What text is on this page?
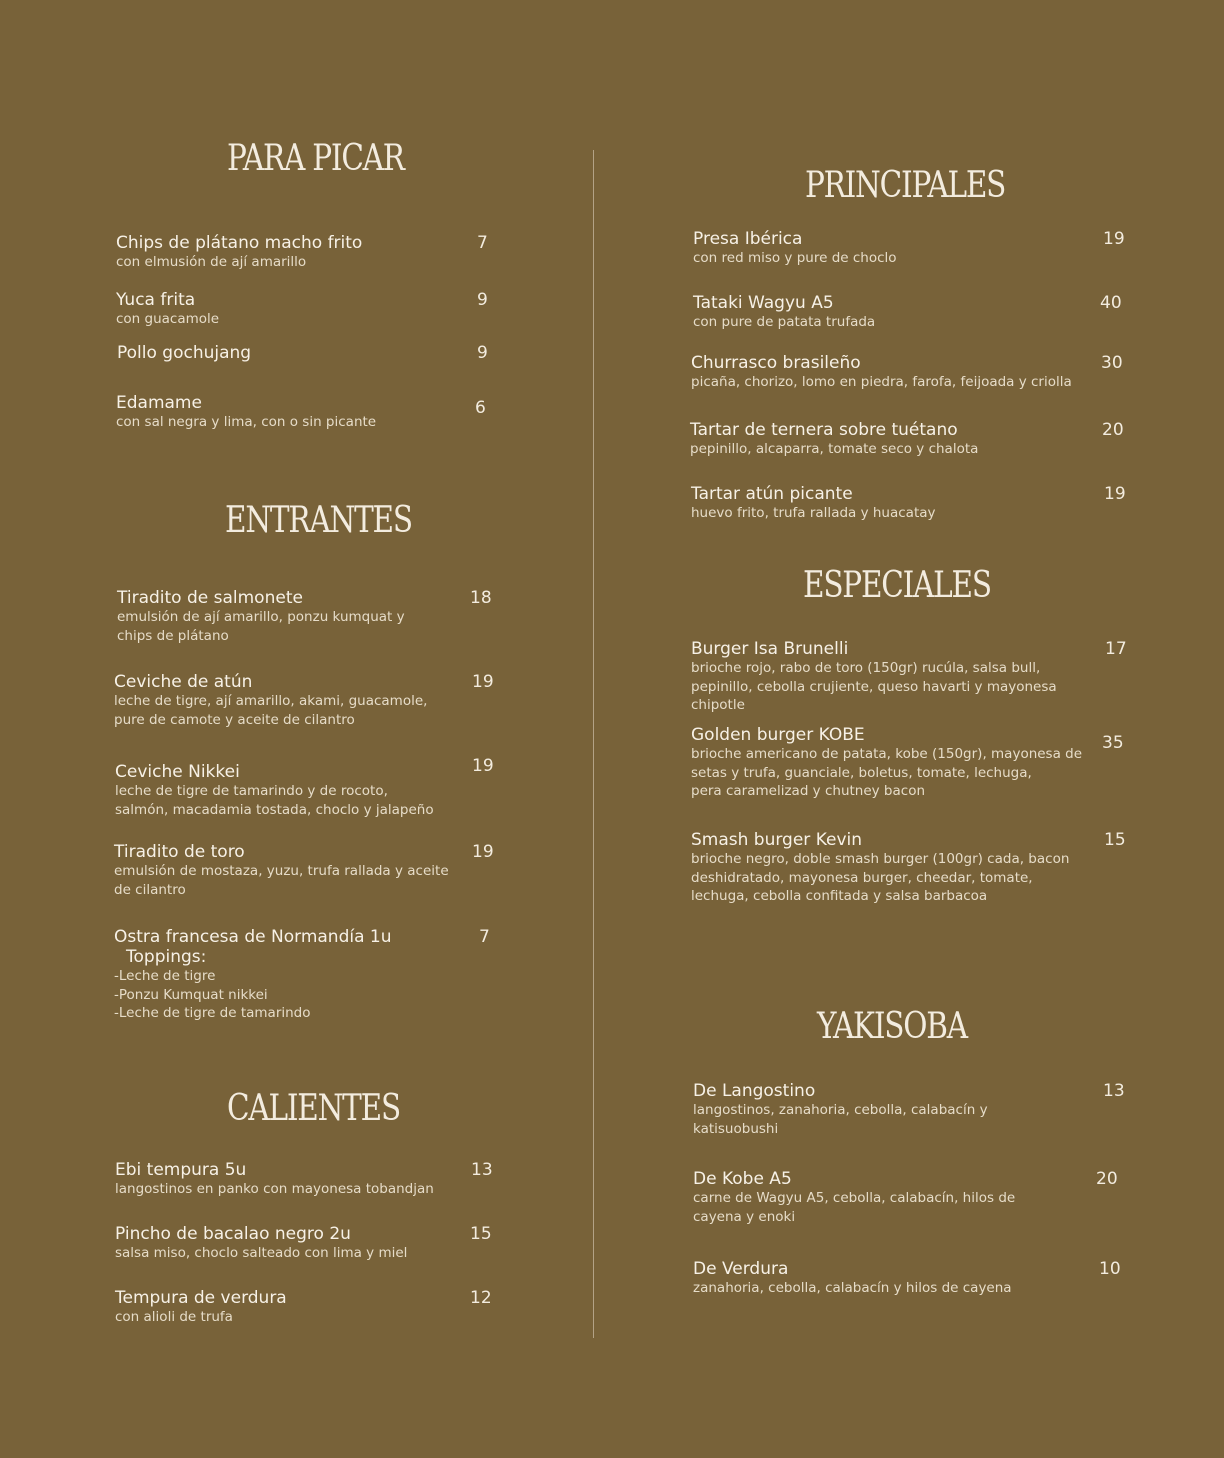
PARA PICAR
Chips de plátano macho frito
con elmusión de ají amarillo
7
Yuca frita
con guacamole
9
Pollo gochujang	9
Edamame
con sal negra y lima, con o sin picante
6
ENTRANTES
Tiradito de salmonete
emulsión de ají amarillo, ponzu kumquat y
chips de plátano
18
Ceviche de atún
leche de tigre, ají amarillo, akami, guacamole,
pure de camote y aceite de cilantro
19
Ceviche Nikkei
leche de tigre de tamarindo y de rocoto,
salmón, macadamia tostada, choclo y jalapeño
19
Tiradito de toro
emulsión de mostaza, yuzu, trufa rallada y aceite
de cilantro
19
Ostra francesa de Normandía 1u
Toppings:
-Leche de tigre
-Ponzu Kumquat nikkei
-Leche de tigre de tamarindo
7
CALIENTES
Ebi tempura 5u
langostinos en panko con mayonesa tobandjan
13
Pincho de bacalao negro 2u
salsa miso, choclo salteado con lima y miel
15
Tempura de verdura
con alioli de trufa
12
PRINCIPALES
Presa Ibérica
con red miso y pure de choclo
19
Tataki Wagyu A5
con pure de patata trufada
40
Churrasco brasileño
picaña, chorizo, lomo en piedra, farofa, feijoada y criolla
30
Tartar de ternera sobre tuétano
pepinillo, alcaparra, tomate seco y chalota
20
Tartar atún picante
huevo frito, trufa rallada y huacatay
19
ESPECIALES
Burger Isa Brunelli
brioche rojo, rabo de toro (150gr) rucúla, salsa bull,
pepinillo, cebolla crujiente, queso havarti y mayonesa chipotle
17
Golden burger KOBE
brioche americano de patata, kobe (150gr), mayonesa de
setas y trufa, guanciale, boletus, tomate, lechuga,
pera caramelizad y chutney bacon
35
Smash burger Kevin
brioche negro, doble smash burger (100gr) cada, bacon
deshidratado, mayonesa burger, cheedar, tomate,
lechuga, cebolla confitada y salsa barbacoa
15
YAKISOBA
De Langostino
langostinos, zanahoria, cebolla, calabacín y
katisuobushi
13
De Kobe A5
carne de Wagyu A5, cebolla, calabacín, hilos de
cayena y enoki
20
De Verdura
zanahoria, cebolla, calabacín y hilos de cayena
10
